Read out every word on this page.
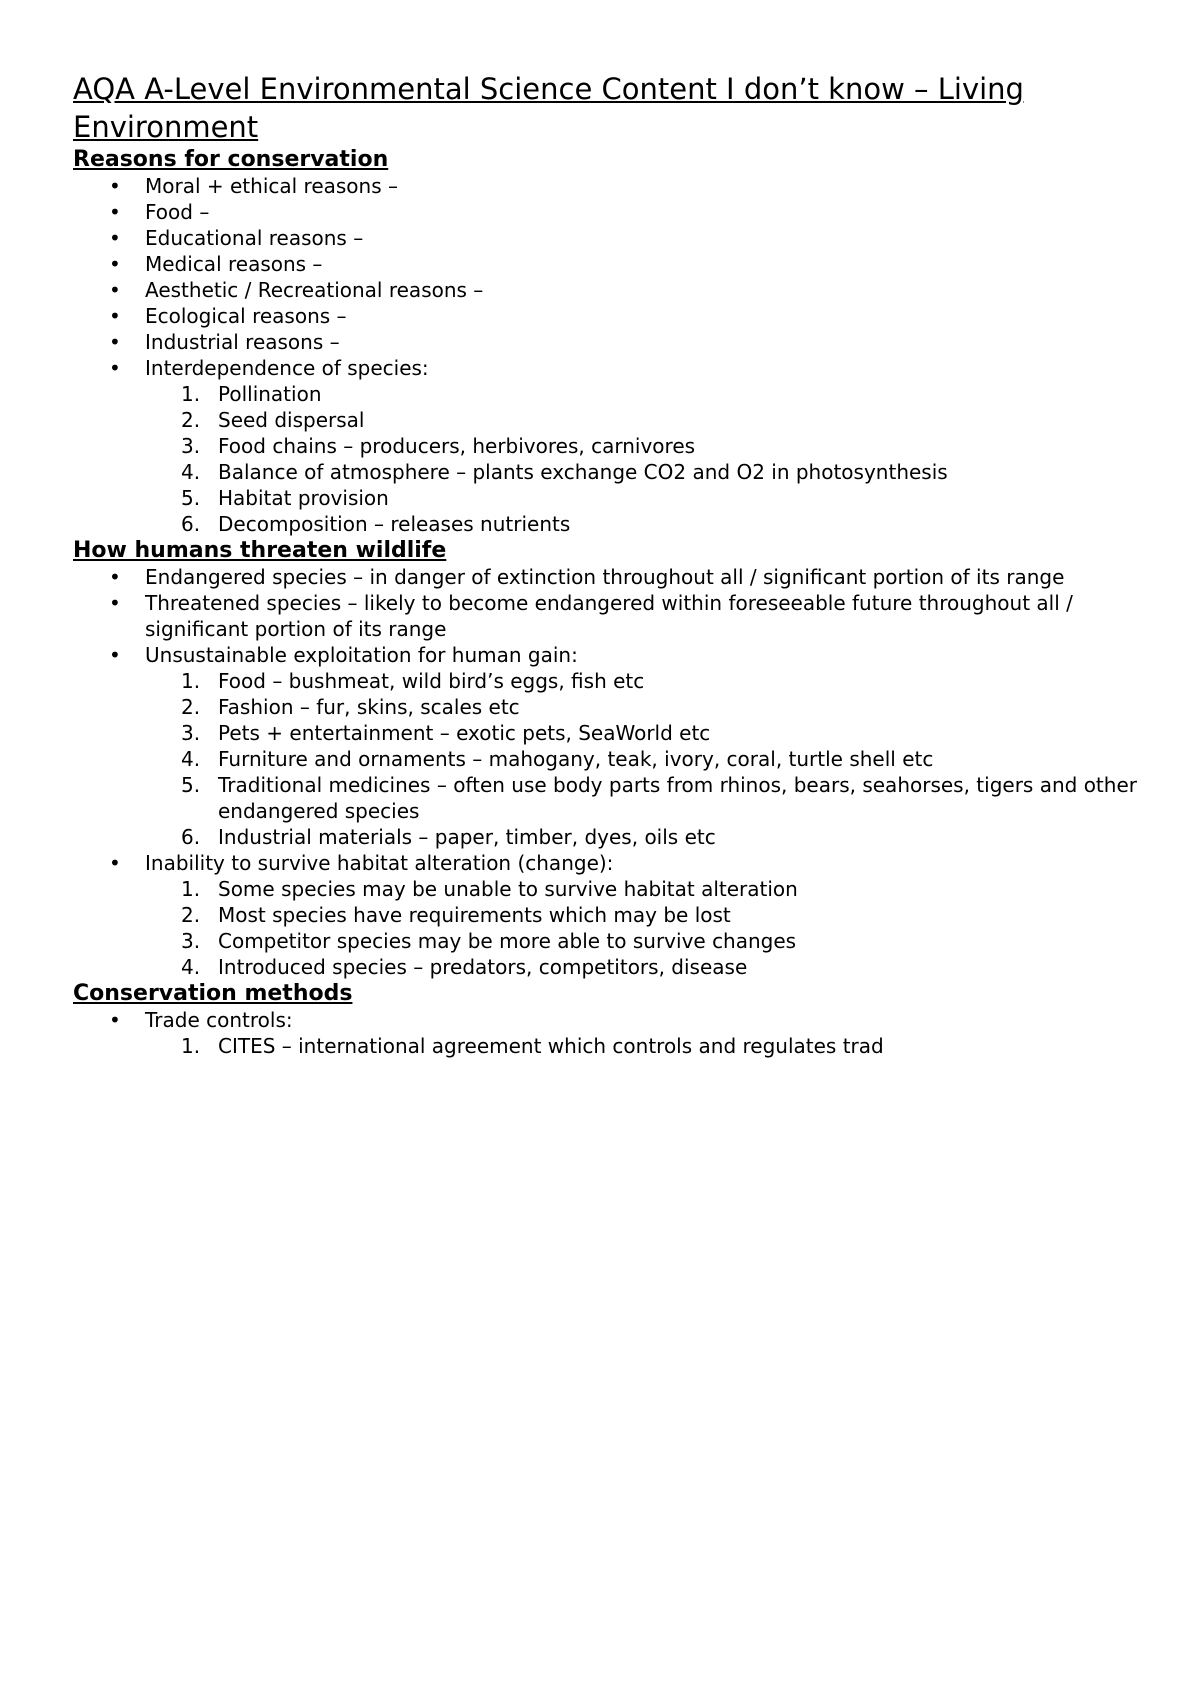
AQA A-Level Environmental Science Content I don’t know – Living Environment
Reasons for conservation
•	Moral + ethical reasons –
•	Food –
•	Educational reasons –
•	Medical reasons –
•	Aesthetic / Recreational reasons –
•	Ecological reasons –
•	Industrial reasons –
•	Interdependence of species:
1. Pollination
2. Seed dispersal
3. Food chains – producers, herbivores, carnivores
4. Balance of atmosphere – plants exchange CO2 and O2 in photosynthesis
5. Habitat provision
6. Decomposition – releases nutrients
How humans threaten wildlife
•	Endangered species – in danger of extinction throughout all / significant portion of its range
•	Threatened species – likely to become endangered within foreseeable future throughout all / significant portion of its range
•	Unsustainable exploitation for human gain:
1. Food – bushmeat, wild bird’s eggs, fish etc
2. Fashion – fur, skins, scales etc
3. Pets + entertainment – exotic pets, SeaWorld etc
4. Furniture and ornaments – mahogany, teak, ivory, coral, turtle shell etc
5. Traditional medicines – often use body parts from rhinos, bears, seahorses, tigers and other endangered species
6. Industrial materials – paper, timber, dyes, oils etc
•	Inability to survive habitat alteration (change):
1. Some species may be unable to survive habitat alteration
2. Most species have requirements which may be lost
3. Competitor species may be more able to survive changes
4. Introduced species – predators, competitors, disease
Conservation methods
•	Trade controls:
1. CITES – international agreement which controls and regulates trad
